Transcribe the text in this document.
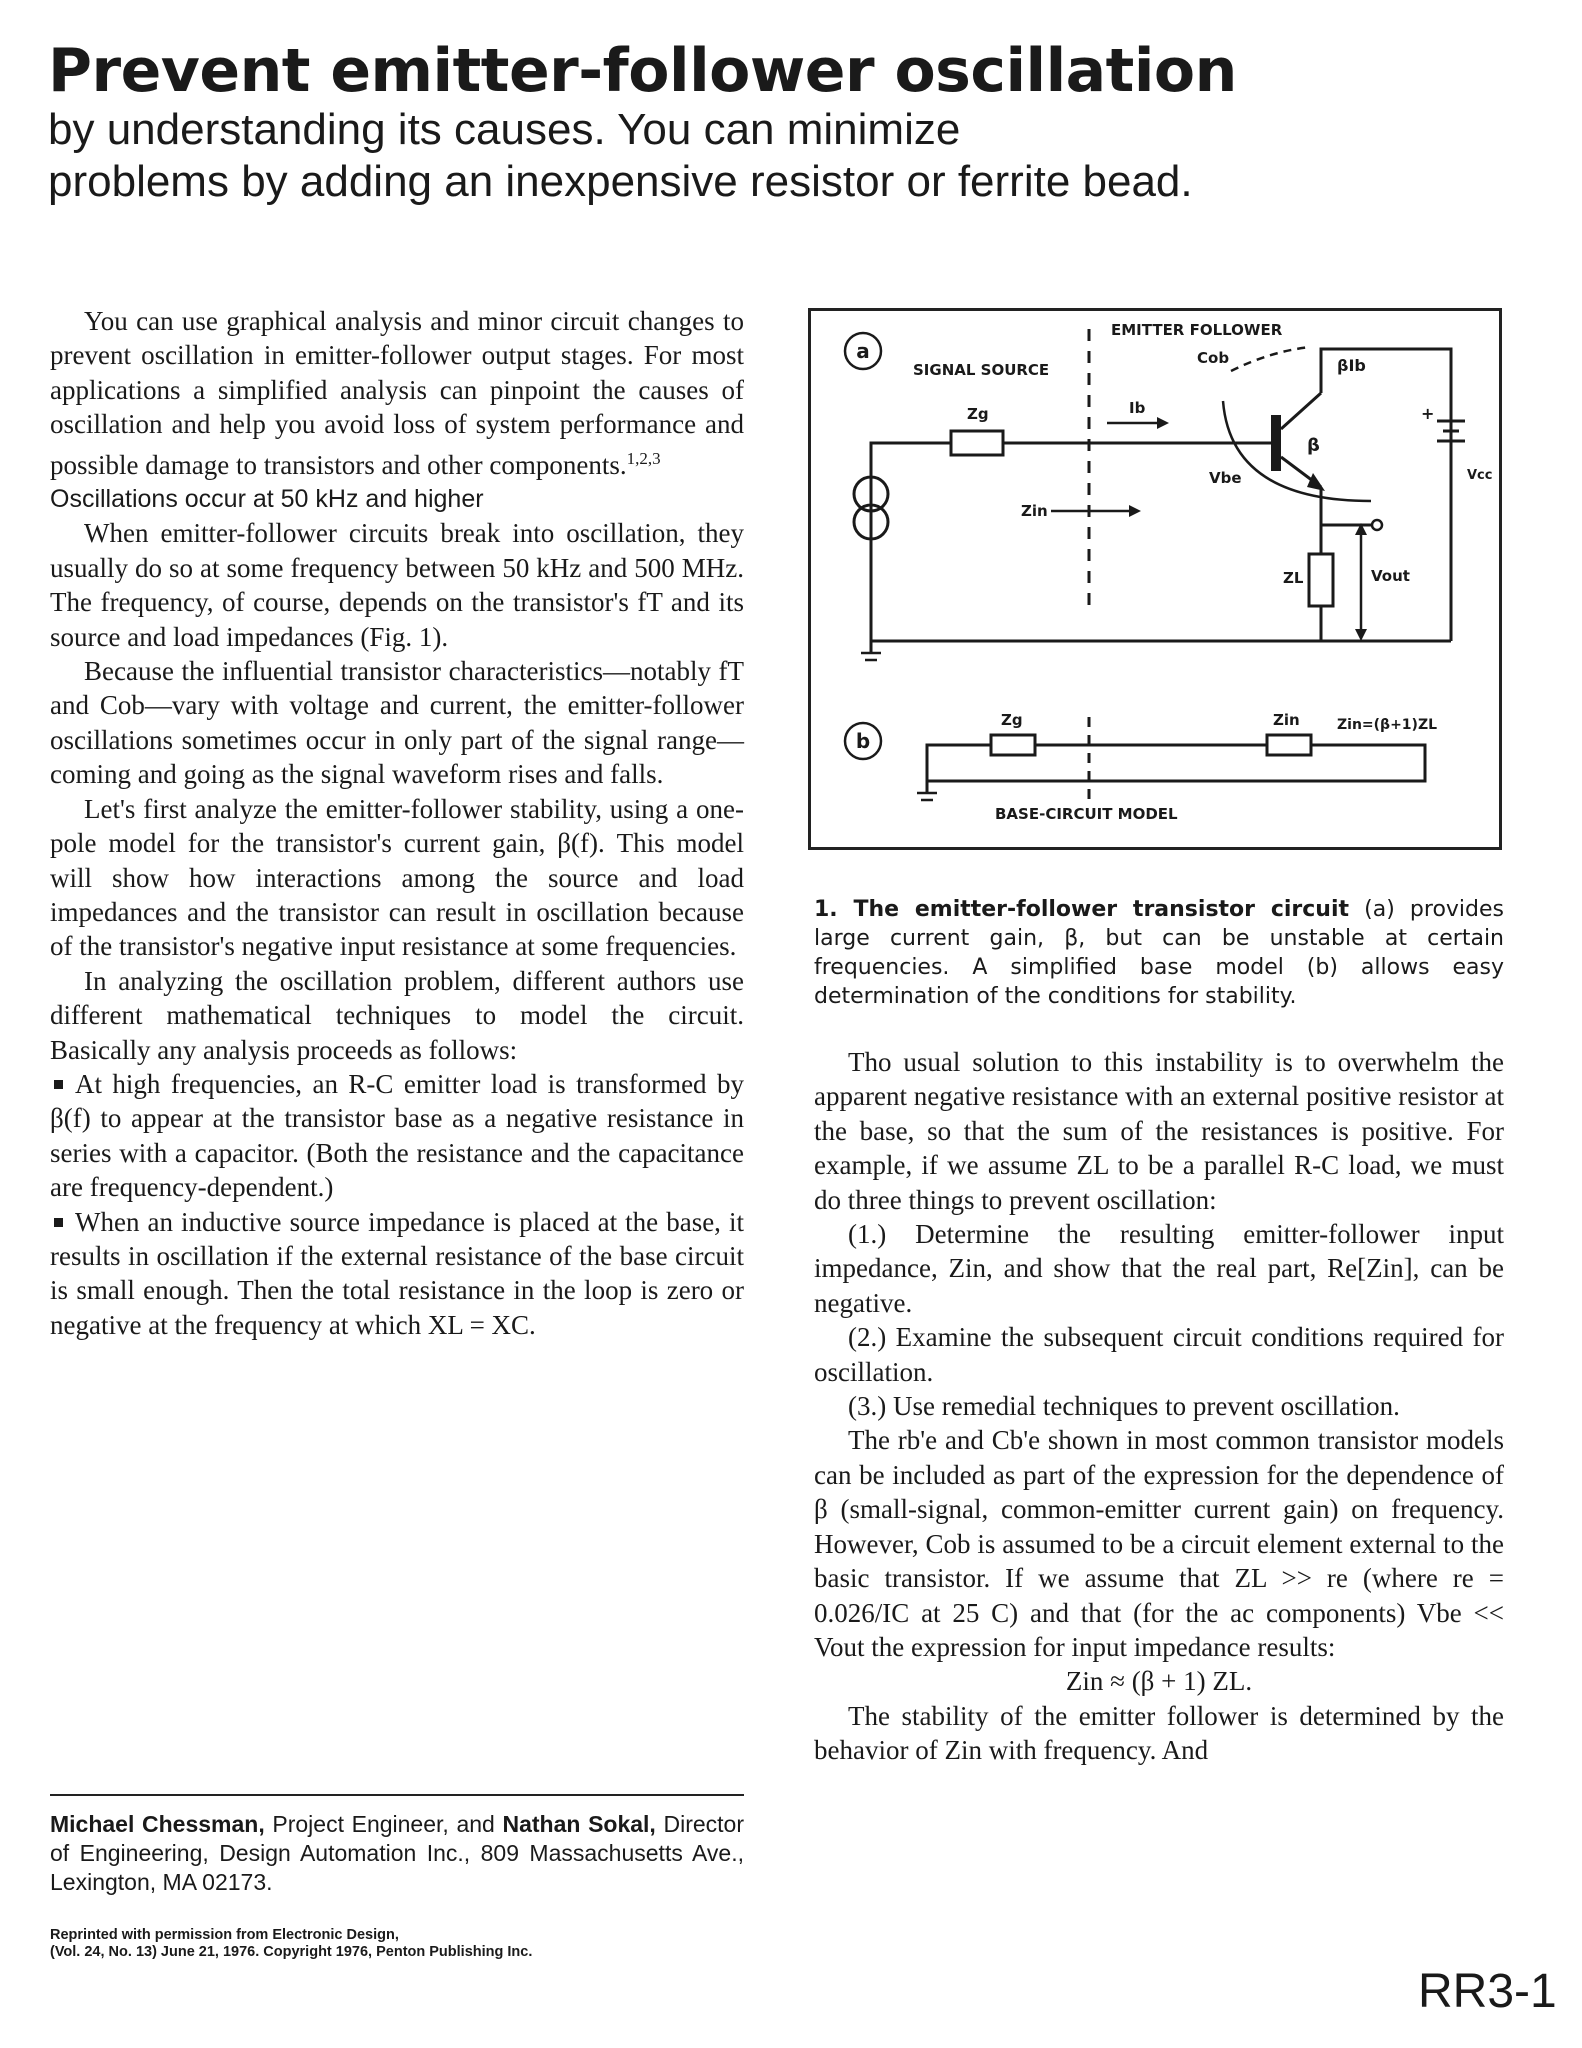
Prevent emitter-follower oscillation
by understanding its causes. You can minimize
problems by adding an inexpensive resistor or ferrite bead.

You can use graphical analysis and minor circuit changes to prevent oscillation in emitter-follower output stages. For most applications a simplified analysis can pinpoint the causes of oscillation and help you avoid loss of system performance and possible damage to transistors and other components.$^{1,2,3}$

Oscillations occur at 50 kHz and higher

When emitter-follower circuits break into oscillation, they usually do so at some frequency between 50 kHz and 500 MHz. The frequency, of course, depends on the transistor's fT and its source and load impedances (Fig. 1).

Because the influential transistor characteristics—notably fT and Cob—vary with voltage and current, the emitter-follower oscillations sometimes occur in only part of the signal range—coming and going as the signal waveform rises and falls.

Let's first analyze the emitter-follower stability, using a one-pole model for the transistor's current gain, β(f). This model will show how interactions among the source and load impedances and the transistor can result in oscillation because of the transistor's negative input resistance at some frequencies.

In analyzing the oscillation problem, different authors use different mathematical techniques to model the circuit. Basically any analysis proceeds as follows:

At high frequencies, an R-C emitter load is transformed by β(f) to appear at the transistor base as a negative resistance in series with a capacitor. (Both the resistance and the capacitance are frequency-dependent.)

When an inductive source impedance is placed at the base, it results in oscillation if the external resistance of the base circuit is small enough. Then the total resistance in the loop is zero or negative at the frequency at which XL = XC.

Michael Chessman, Project Engineer, and Nathan Sokal, Director of Engineering, Design Automation Inc., 809 Massachusetts Ave., Lexington, MA 02173.
Reprinted with permission from Electronic Design,
(Vol. 24, No. 13) June 21, 1976. Copyright 1976, Penton Publishing Inc.
a
EMITTER FOLLOWER
SIGNAL SOURCE
Zg	Ib
Zin
β
βIb
Cob
Vbe
+
Vcc
ZL	Vout
b
Zg	Zin	Zin=(β+1)ZL
BASE-CIRCUIT MODEL
1. The emitter-follower transistor circuit (a) provides large current gain, β, but can be unstable at certain frequencies. A simplified base model (b) allows easy determination of the conditions for stability.

Tho usual solution to this instability is to overwhelm the apparent negative resistance with an external positive resistor at the base, so that the sum of the resistances is positive. For example, if we assume ZL to be a parallel R-C load, we must do three things to prevent oscillation:

(1.) Determine the resulting emitter-follower input impedance, Zin, and show that the real part, Re[Zin], can be negative.

(2.) Examine the subsequent circuit conditions required for oscillation.

(3.) Use remedial techniques to prevent oscillation.

The rb'e and Cb'e shown in most common transistor models can be included as part of the expression for the dependence of β (small-signal, common-emitter current gain) on frequency. However, Cob is assumed to be a circuit element external to the basic transistor. If we assume that ZL >> re (where re = 0.026/IC at 25 C) and that (for the ac components) Vbe << Vout the expression for input impedance results:

Zin ≈ (β + 1) ZL.

The stability of the emitter follower is determined by the behavior of Zin with frequency. And

RR3-1
